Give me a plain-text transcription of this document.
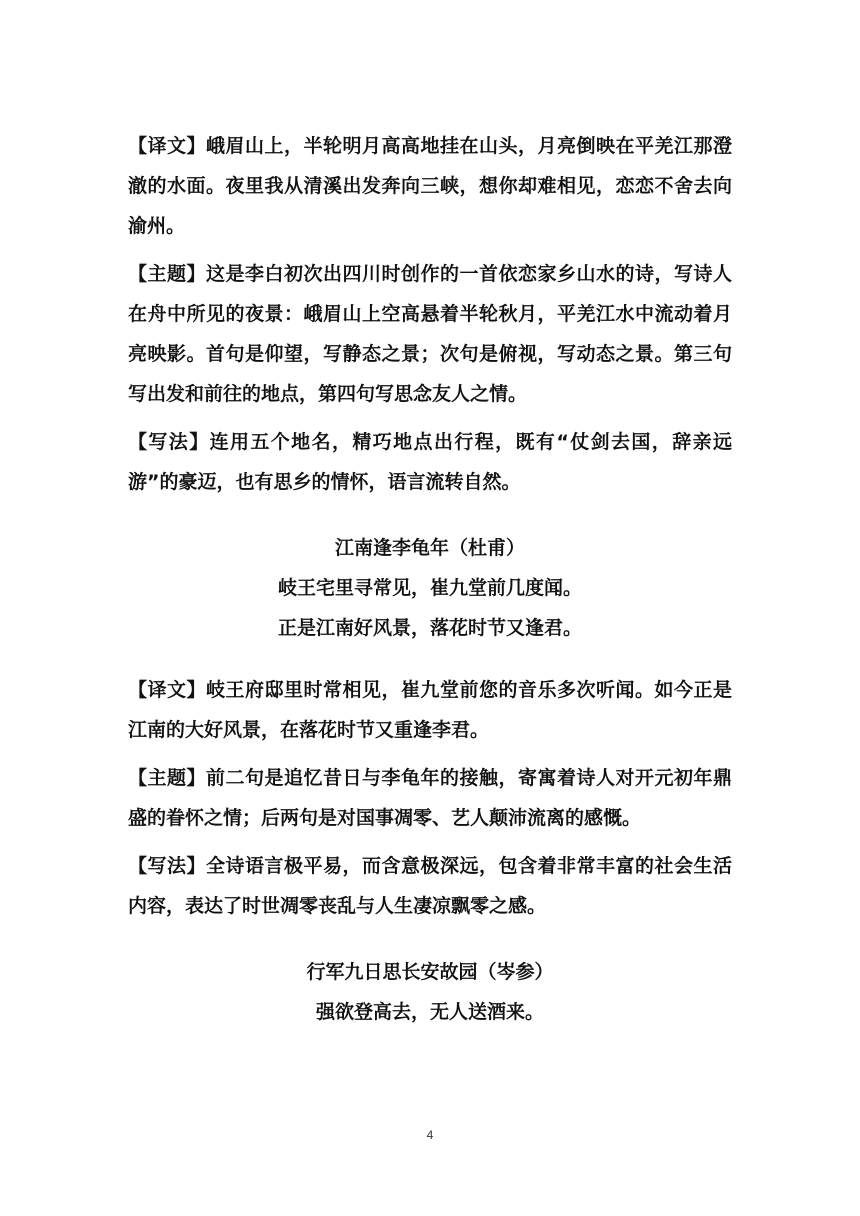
【译文】峨眉山上，半轮明月高高地挂在山头，月亮倒映在平羌江那澄澈的水面。夜里我从清溪出发奔向三峡，想你却难相见，恋恋不舍去向渝州。

【主题】这是李白初次出四川时创作的一首依恋家乡山水的诗，写诗人在舟中所见的夜景：峨眉山上空高悬着半轮秋月，平羌江水中流动着月亮映影。首句是仰望，写静态之景；次句是俯视，写动态之景。第三句写出发和前往的地点，第四句写思念友人之情。

【写法】连用五个地名，精巧地点出行程，既有“仗剑去国，辞亲远游”的豪迈，也有思乡的情怀，语言流转自然。

江南逢李龟年（杜甫）

岐王宅里寻常见，崔九堂前几度闻。

正是江南好风景，落花时节又逢君。

【译文】岐王府邸里时常相见，崔九堂前您的音乐多次听闻。如今正是江南的大好风景，在落花时节又重逢李君。

【主题】前二句是追忆昔日与李龟年的接触，寄寓着诗人对开元初年鼎盛的眷怀之情；后两句是对国事凋零、艺人颠沛流离的感慨。

【写法】全诗语言极平易，而含意极深远，包含着非常丰富的社会生活内容，表达了时世凋零丧乱与人生凄凉飘零之感。

行军九日思长安故园（岑参）

强欲登高去，无人送酒来。

4
